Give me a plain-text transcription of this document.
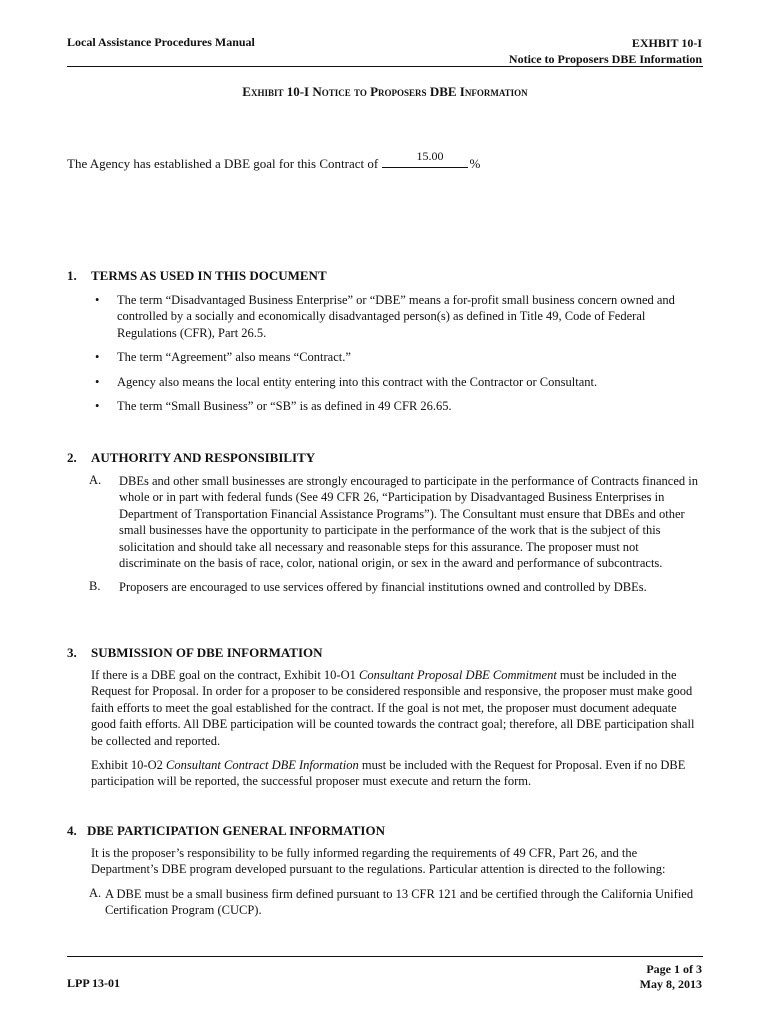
Local Assistance Procedures Manual	EXHBIT 10-I
Notice to Proposers DBE Information
Exhibit 10-I Notice to Proposers DBE Information
The Agency has established a DBE goal for this Contract of	15.00 %
1. TERMS AS USED IN THIS DOCUMENT
• The term “Disadvantaged Business Enterprise” or “DBE” means a for-profit small business concern owned and controlled by a socially and economically disadvantaged person(s) as defined in Title 49, Code of Federal Regulations (CFR), Part 26.5.
• The term “Agreement” also means “Contract.”
• Agency also means the local entity entering into this contract with the Contractor or Consultant.
• The term “Small Business” or “SB” is as defined in 49 CFR 26.65.
2. AUTHORITY AND RESPONSIBILITY
A. DBEs and other small businesses are strongly encouraged to participate in the performance of Contracts financed in whole or in part with federal funds (See 49 CFR 26, “Participation by Disadvantaged Business Enterprises in Department of Transportation Financial Assistance Programs”). The Consultant must ensure that DBEs and other small businesses have the opportunity to participate in the performance of the work that is the subject of this solicitation and should take all necessary and reasonable steps for this assurance. The proposer must not discriminate on the basis of race, color, national origin, or sex in the award and performance of subcontracts.

B. Proposers are encouraged to use services offered by financial institutions owned and controlled by DBEs.

3. SUBMISSION OF DBE INFORMATION

If there is a DBE goal on the contract, Exhibit 10-O1 Consultant Proposal DBE Commitment must be included in the Request for Proposal. In order for a proposer to be considered responsible and responsive, the proposer must make good faith efforts to meet the goal established for the contract. If the goal is not met, the proposer must document adequate good faith efforts. All DBE participation will be counted towards the contract goal; therefore, all DBE participation shall be collected and reported.

Exhibit 10-O2 Consultant Contract DBE Information must be included with the Request for Proposal. Even if no DBE participation will be reported, the successful proposer must execute and return the form.

4. DBE PARTICIPATION GENERAL INFORMATION

It is the proposer’s responsibility to be fully informed regarding the requirements of 49 CFR, Part 26, and the Department’s DBE program developed pursuant to the regulations. Particular attention is directed to the following:

A. A DBE must be a small business firm defined pursuant to 13 CFR 121 and be certified through the California Unified Certification Program (CUCP).

LPP 13-01
Page 1 of 3
May 8, 2013
